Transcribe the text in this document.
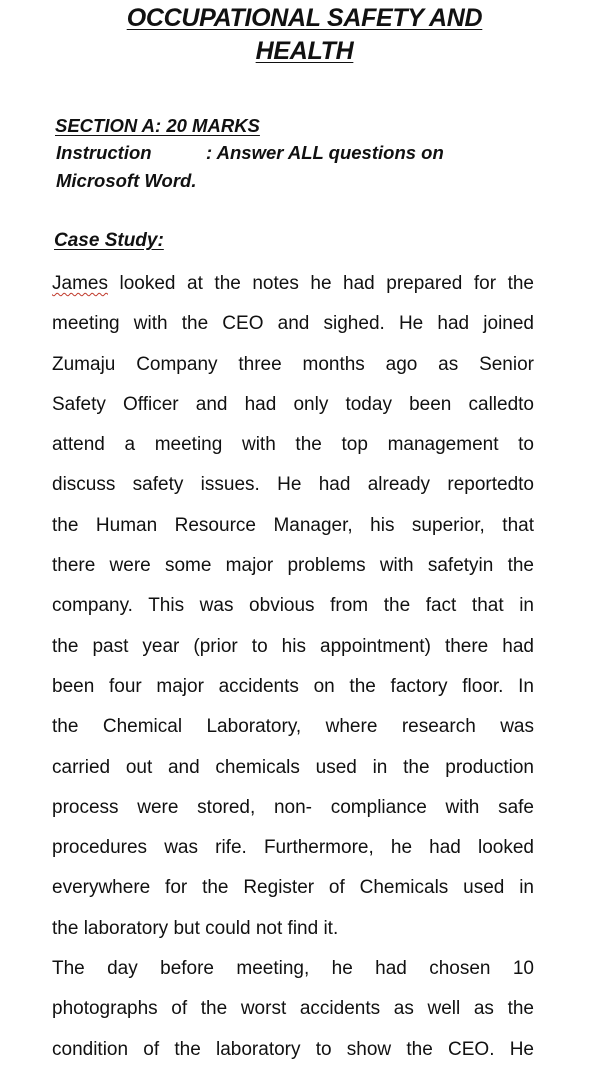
OCCUPATIONAL SAFETY AND
HEALTH
SECTION A: 20 MARKS

Instruction	: Answer ALL questions on

Microsoft Word.

Case Study:
James looked at the notes he had prepared for the
meeting with the CEO and sighed. He had joined
Zumaju Company three months ago as Senior
Safety Officer and had only today been calledto
attend a meeting with the top management to
discuss safety issues. He had already reportedto
the Human Resource Manager, his superior, that
there were some major problems with safetyin the
company. This was obvious from the fact that in
the past year (prior to his appointment) there had
been four major accidents on the factory floor. In
the Chemical Laboratory, where research was
carried out and chemicals used in the production
process were stored, non- compliance with safe
procedures was rife. Furthermore, he had looked
everywhere for the Register of Chemicals used in
the laboratory but could not find it.
The day before meeting, he had chosen 10
photographs of the worst accidents as well as the
condition of the laboratory to show the CEO. He
